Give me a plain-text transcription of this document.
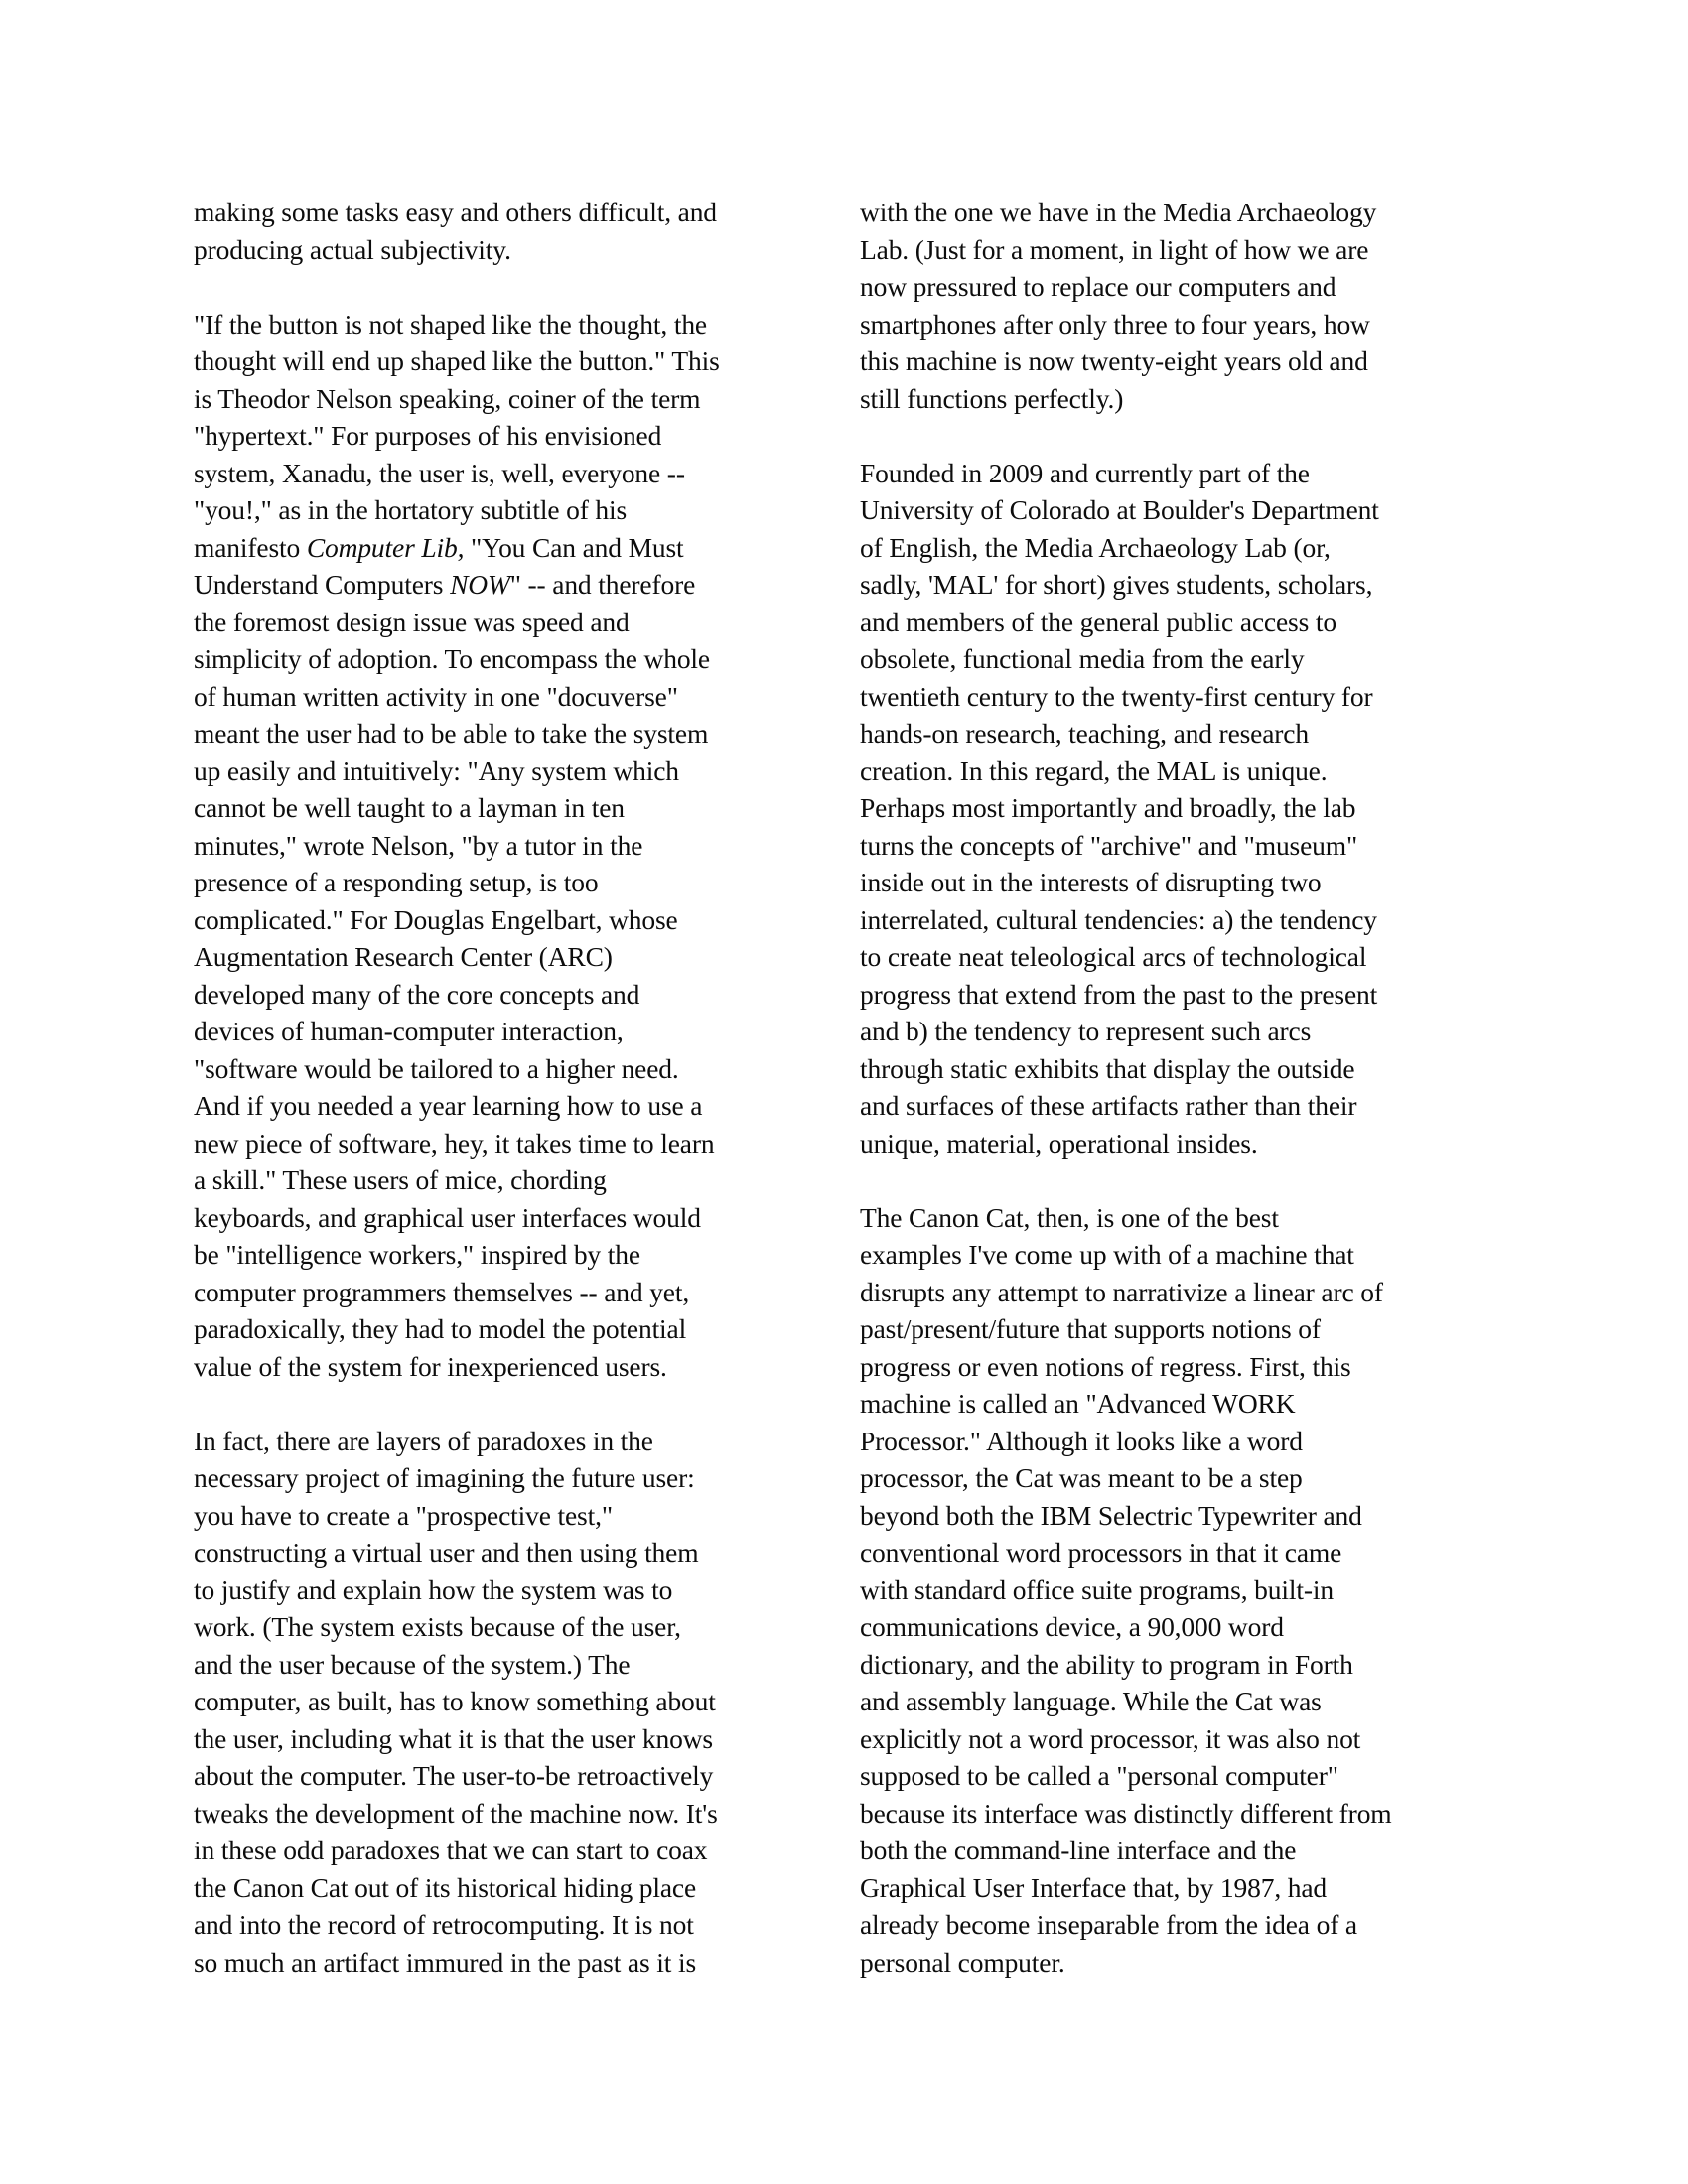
making some tasks easy and others difficult, and
producing actual subjectivity.

"If the button is not shaped like the thought, the
thought will end up shaped like the button." This
is Theodor Nelson speaking, coiner of the term
"hypertext." For purposes of his envisioned
system, Xanadu, the user is, well, everyone --
"you!," as in the hortatory subtitle of his
manifesto Computer Lib, "You Can and Must
Understand Computers NOW" -- and therefore
the foremost design issue was speed and
simplicity of adoption. To encompass the whole
of human written activity in one "docuverse"
meant the user had to be able to take the system
up easily and intuitively: "Any system which
cannot be well taught to a layman in ten
minutes," wrote Nelson, "by a tutor in the
presence of a responding setup, is too
complicated." For Douglas Engelbart, whose
Augmentation Research Center (ARC)
developed many of the core concepts and
devices of human-computer interaction,
"software would be tailored to a higher need.
And if you needed a year learning how to use a
new piece of software, hey, it takes time to learn
a skill." These users of mice, chording
keyboards, and graphical user interfaces would
be "intelligence workers," inspired by the
computer programmers themselves -- and yet,
paradoxically, they had to model the potential
value of the system for inexperienced users.

In fact, there are layers of paradoxes in the
necessary project of imagining the future user:
you have to create a "prospective test,"
constructing a virtual user and then using them
to justify and explain how the system was to
work. (The system exists because of the user,
and the user because of the system.) The
computer, as built, has to know something about
the user, including what it is that the user knows
about the computer. The user-to-be retroactively
tweaks the development of the machine now. It's
in these odd paradoxes that we can start to coax
the Canon Cat out of its historical hiding place
and into the record of retrocomputing. It is not
so much an artifact immured in the past as it is

with the one we have in the Media Archaeology
Lab. (Just for a moment, in light of how we are
now pressured to replace our computers and
smartphones after only three to four years, how
this machine is now twenty-eight years old and
still functions perfectly.)

Founded in 2009 and currently part of the
University of Colorado at Boulder's Department
of English, the Media Archaeology Lab (or,
sadly, 'MAL' for short) gives students, scholars,
and members of the general public access to
obsolete, functional media from the early
twentieth century to the twenty-first century for
hands-on research, teaching, and research
creation. In this regard, the MAL is unique.
Perhaps most importantly and broadly, the lab
turns the concepts of "archive" and "museum"
inside out in the interests of disrupting two
interrelated, cultural tendencies: a) the tendency
to create neat teleological arcs of technological
progress that extend from the past to the present
and b) the tendency to represent such arcs
through static exhibits that display the outside
and surfaces of these artifacts rather than their
unique, material, operational insides.

The Canon Cat, then, is one of the best
examples I've come up with of a machine that
disrupts any attempt to narrativize a linear arc of
past/present/future that supports notions of
progress or even notions of regress. First, this
machine is called an "Advanced WORK
Processor." Although it looks like a word
processor, the Cat was meant to be a step
beyond both the IBM Selectric Typewriter and
conventional word processors in that it came
with standard office suite programs, built-in
communications device, a 90,000 word
dictionary, and the ability to program in Forth
and assembly language. While the Cat was
explicitly not a word processor, it was also not
supposed to be called a "personal computer"
because its interface was distinctly different from
both the command-line interface and the
Graphical User Interface that, by 1987, had
already become inseparable from the idea of a
personal computer.
